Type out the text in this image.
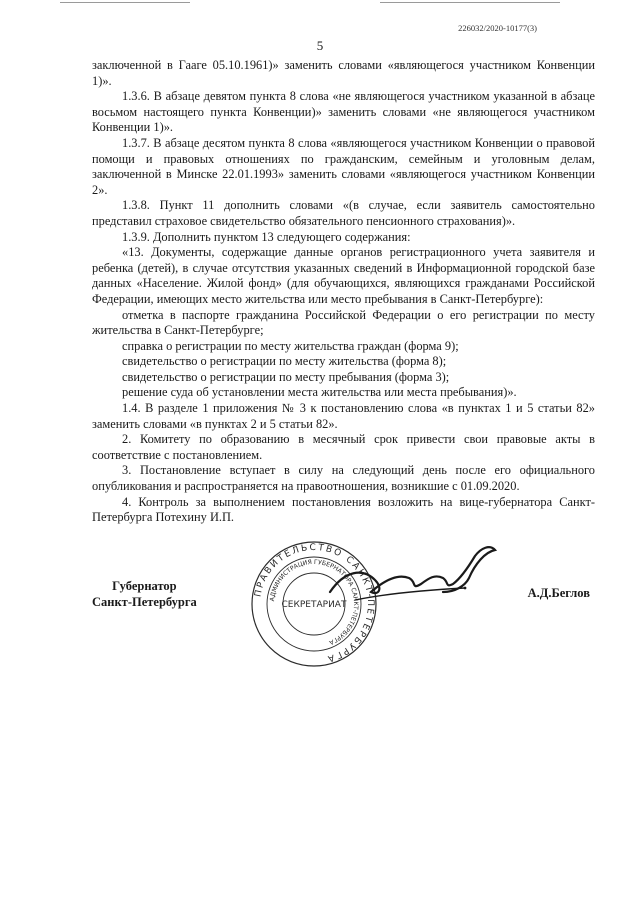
226032/2020-10177(3)
5

заключенной в Гааге 05.10.1961)» заменить словами «являющегося участником Конвенции 1)».

1.3.6. В абзаце девятом пункта 8 слова «не являющегося участником указанной в абзаце восьмом настоящего пункта Конвенции)» заменить словами «не являющегося участником Конвенции 1)».

1.3.7. В абзаце десятом пункта 8 слова «являющегося участником Конвенции о правовой помощи и правовых отношениях по гражданским, семейным и уголовным делам, заключенной в Минске 22.01.1993» заменить словами «являющегося участником Конвенции 2».

1.3.8. Пункт 11 дополнить словами «(в случае, если заявитель самостоятельно представил страховое свидетельство обязательного пенсионного страхования)».

1.3.9. Дополнить пунктом 13 следующего содержания:

«13. Документы, содержащие данные органов регистрационного учета заявителя и ребенка (детей), в случае отсутствия указанных сведений в Информационной городской базе данных «Население. Жилой фонд» (для обучающихся, являющихся гражданами Российской Федерации, имеющих место жительства или место пребывания в Санкт-Петербурге):

отметка в паспорте гражданина Российской Федерации о его регистрации по месту жительства в Санкт-Петербурге;

справка о регистрации по месту жительства граждан (форма 9);

свидетельство о регистрации по месту жительства (форма 8);

свидетельство о регистрации по месту пребывания (форма 3);

решение суда об установлении места жительства или места пребывания)».

1.4. В разделе 1 приложения № 3 к постановлению слова «в пунктах 1 и 5 статьи 82» заменить словами «в пунктах 2 и 5 статьи 82».

2. Комитету по образованию в месячный срок привести свои правовые акты в соответствие с постановлением.

3. Постановление вступает в силу на следующий день после его официального опубликования и распространяется на правоотношения, возникшие с 01.09.2020.

4. Контроль за выполнением постановления возложить на вице-губернатора Санкт-Петербурга Потехину И.П.

Губернатор
Санкт-Петербурга
ПРАВИТЕЛЬСТВО САНКТ-ПЕТЕРБУРГА
АДМИНИСТРАЦИЯ ГУБЕРНАТОРА САНКТ-ПЕТЕРБУРГА
СЕКРЕТАРИАТ
А.Д.Беглов
